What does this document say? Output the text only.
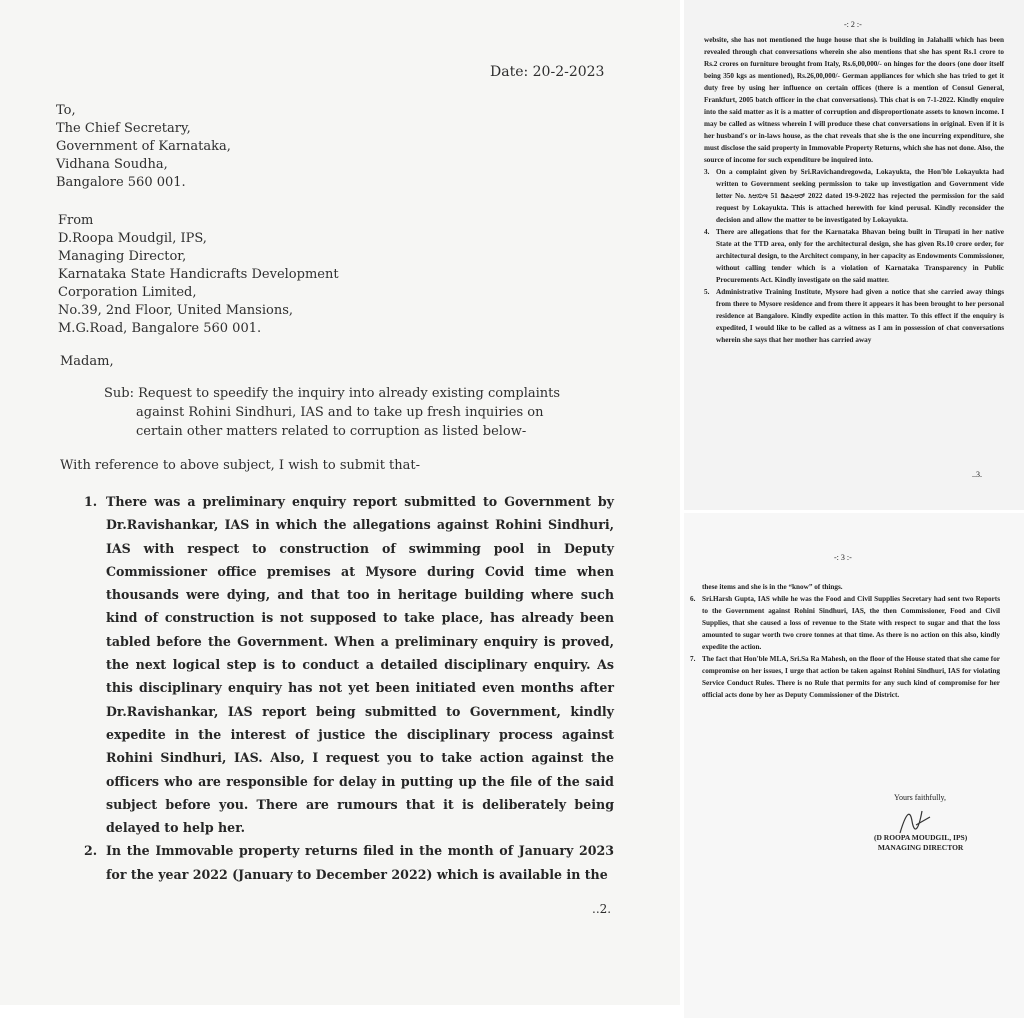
Date: 20-2-2023
To,
The Chief Secretary,
Government of Karnataka,
Vidhana Soudha,
Bangalore 560 001.
From
D.Roopa Moudgil, IPS,
Managing Director,
Karnataka State Handicrafts Development
Corporation Limited,
No.39, 2nd Floor, United Mansions,
M.G.Road, Bangalore 560 001.
Madam,
Sub: Request to speedify the inquiry into already existing complaints
against Rohini Sindhuri, IAS and to take up fresh inquiries on
certain other matters related to corruption as listed below-
With reference to above subject, I wish to submit that-
1. There was a preliminary enquiry report submitted to Government by Dr.Ravishankar, IAS in which the allegations against Rohini Sindhuri, IAS with respect to construction of swimming pool in Deputy Commissioner office premises at Mysore during Covid time when thousands were dying, and that too in heritage building where such kind of construction is not supposed to take place, has already been tabled before the Government. When a preliminary enquiry is proved, the next logical step is to conduct a detailed disciplinary enquiry. As this disciplinary enquiry has not yet been initiated even months after Dr.Ravishankar, IAS report being submitted to Government, kindly expedite in the interest of justice the disciplinary process against Rohini Sindhuri, IAS. Also, I request you to take action against the officers who are responsible for delay in putting up the file of the said subject before you. There are rumours that it is deliberately being delayed to help her.
2. In the Immovable property returns filed in the month of January 2023 for the year 2022 (January to December 2022) which is available in the
..2.
-: 2 :-
website, she has not mentioned the huge house that she is building in Jalahalli which has been revealed through chat conversations wherein she also mentions that she has spent Rs.1 crore to Rs.2 crores on furniture brought from Italy, Rs.6,00,000/- on hinges for the doors (one door itself being 350 kgs as mentioned), Rs.26,00,000/- German appliances for which she has tried to get it duty free by using her influence on certain offices (there is a mention of Consul General, Frankfurt, 2005 batch officer in the chat conversations). This chat is on 7-1-2022. Kindly enquire into the said matter as it is a matter of corruption and disproportionate assets to known income. I may be called as witness wherein I will produce these chat conversations in original. Even if it is her husband's or in-laws house, as the chat reveals that she is the one incurring expenditure, she must disclose the said property in Immovable Property Returns, which she has not done. Also, the source of income for such expenditure be inquired into.
3. On a complaint given by Sri.Ravichandregowda, Lokayukta, the Hon'ble Lokayukta had written to Government seeking permission to take up investigation and Government vide letter No. ಸಿಆಸುಇ 51 ಡಿಪಿಎಆರ್ 2022 dated 19-9-2022 has rejected the permission for the said request by Lokayukta. This is attached herewith for kind perusal. Kindly reconsider the decision and allow the matter to be investigated by Lokayukta.
4. There are allegations that for the Karnataka Bhavan being built in Tirupati in her native State at the TTD area, only for the architectural design, she has given Rs.10 crore order, for architectural design, to the Architect company, in her capacity as Endowments Commissioner, without calling tender which is a violation of Karnataka Transparency in Public Procurements Act. Kindly investigate on the said matter.
5. Administrative Training Institute, Mysore had given a notice that she carried away things from there to Mysore residence and from there it appears it has been brought to her personal residence at Bangalore. Kindly expedite action in this matter. To this effect if the enquiry is expedited, I would like to be called as a witness as I am in possession of chat conversations wherein she says that her mother has carried away
..3.
-: 3 :-
these items and she is in the “know” of things.
6. Sri.Harsh Gupta, IAS while he was the Food and Civil Supplies Secretary had sent two Reports to the Government against Rohini Sindhuri, IAS, the then Commissioner, Food and Civil Supplies, that she caused a loss of revenue to the State with respect to sugar and that the loss amounted to sugar worth two crore tonnes at that time. As there is no action on this also, kindly expedite the action.
7. The fact that Hon'ble MLA, Sri.Sa Ra Mahesh, on the floor of the House stated that she came for compromise on her issues, I urge that action be taken against Rohini Sindhuri, IAS for violating Service Conduct Rules. There is no Rule that permits for any such kind of compromise for her official acts done by her as Deputy Commissioner of the District.
Yours faithfully,
(D ROOPA MOUDGIL, IPS)
MANAGING DIRECTOR
